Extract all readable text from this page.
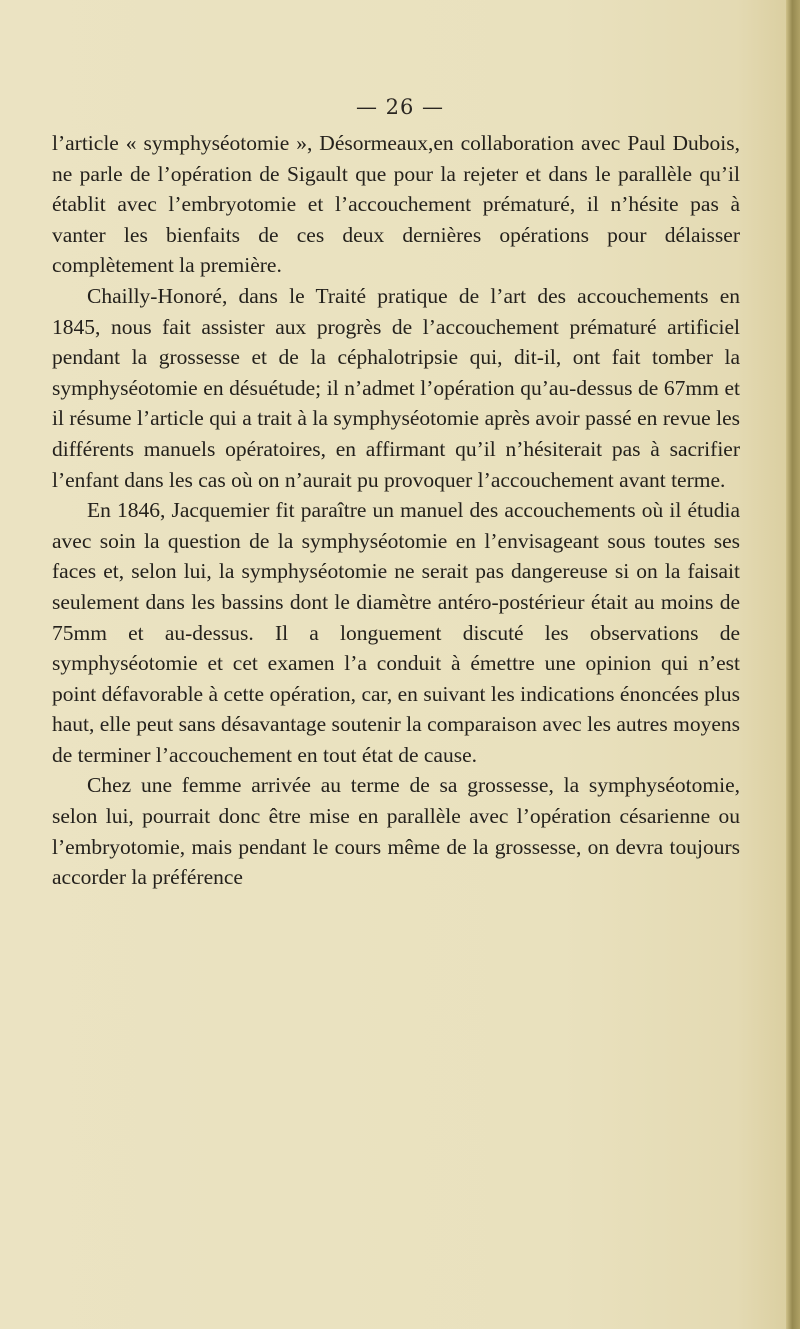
— 26 —

l’article « symphyséotomie », Désormeaux,en collaboration avec Paul Dubois, ne parle de l’opération de Sigault que pour la rejeter et dans le parallèle qu’il établit avec l’embryotomie et l’accouchement prématuré, il n’hésite pas à vanter les bienfaits de ces deux dernières opérations pour délaisser complètement la première.

Chailly-Honoré, dans le Traité pratique de l’art des accouchements en 1845, nous fait assister aux progrès de l’accouchement prématuré artificiel pendant la grossesse et de la céphalotripsie qui, dit-il, ont fait tomber la symphyséotomie en désuétude; il n’admet l’opération qu’au-dessus de 67mm et il résume l’article qui a trait à la symphyséotomie après avoir passé en revue les différents manuels opératoires, en affirmant qu’il n’hésiterait pas à sacrifier l’enfant dans les cas où on n’aurait pu provoquer l’accouchement avant terme.

En 1846, Jacquemier fit paraître un manuel des accouchements où il étudia avec soin la question de la symphyséotomie en l’envisageant sous toutes ses faces et, selon lui, la symphyséotomie ne serait pas dangereuse si on la faisait seulement dans les bassins dont le diamètre antéro-postérieur était au moins de 75mm et au-dessus. Il a longuement discuté les observations de symphyséotomie et cet examen l’a conduit à émettre une opinion qui n’est point défavorable à cette opération, car, en suivant les indications énoncées plus haut, elle peut sans désavantage soutenir la comparaison avec les autres moyens de terminer l’accouchement en tout état de cause.

Chez une femme arrivée au terme de sa grossesse, la symphyséotomie, selon lui, pourrait donc être mise en parallèle avec l’opération césarienne ou l’embryotomie, mais pendant le cours même de la grossesse, on devra toujours accorder la préférence
